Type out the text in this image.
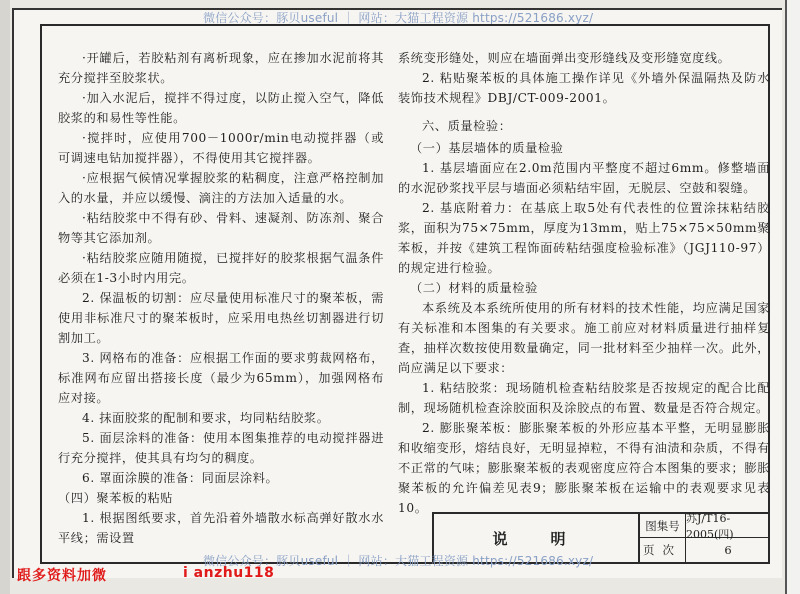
微信公众号：豚贝useful ｜ 网站：大猫工程资源 https://521686.xyz/

·开罐后，若胶粘剂有离析现象，应在掺加水泥前将其充分搅拌至胶浆状。

·加入水泥后，搅拌不得过度，以防止搅入空气，降低胶浆的和易性等性能。

·搅拌时，应使用700－1000r/min电动搅拌器（或可调速电钻加搅拌器），不得使用其它搅拌器。

·应根据气候情况掌握胶浆的粘稠度，注意严格控制加入的水量，并应以缓慢、滴注的方法加入适量的水。

·粘结胶浆中不得有砂、骨料、速凝剂、防冻剂、聚合物等其它添加剂。

·粘结胶浆应随用随搅，已搅拌好的胶浆根据气温条件必须在1-3小时内用完。

2. 保温板的切割：应尽量使用标准尺寸的聚苯板，需使用非标准尺寸的聚苯板时，应采用电热丝切割器进行切割加工。

3. 网格布的准备：应根据工作面的要求剪裁网格布，标准网布应留出搭接长度（最少为65mm），加强网格布应对接。

4. 抹面胶浆的配制和要求，均同粘结胶浆。

5. 面层涂料的准备：使用本图集推荐的电动搅拌器进行充分搅拌，使其具有均匀的稠度。

6. 罩面涂膜的准备：同面层涂料。

（四）聚苯板的粘贴

1. 根据图纸要求，首先沿着外墙散水标高弹好散水水平线；需设置

系统变形缝处，则应在墙面弹出变形缝线及变形缝宽度线。

2. 粘贴聚苯板的具体施工操作详见《外墙外保温隔热及防水装饰技术规程》DBJ/CT-009-2001。

六、质量检验：

（一）基层墙体的质量检验

1. 基层墙面应在2.0m范围内平整度不超过6mm。修整墙面的水泥砂浆找平层与墙面必须粘结牢固，无脱层、空鼓和裂缝。

2. 基底附着力：在基底上取5处有代表性的位置涂抹粘结胶浆，面积为75×75mm，厚度为13mm，贴上75×75×50mm聚苯板，并按《建筑工程饰面砖粘结强度检验标准》（JGJ110-97）的规定进行检验。

（二）材料的质量检验

本系统及本系统所使用的所有材料的技术性能，均应满足国家有关标准和本图集的有关要求。施工前应对材料质量进行抽样复查，抽样次数按使用数量确定，同一批材料至少抽样一次。此外，尚应满足以下要求：

1. 粘结胶浆：现场随机检查粘结胶浆是否按规定的配合比配制，现场随机检查涂胶面积及涂胶点的布置、数量是否符合规定。

2. 膨胀聚苯板：膨胀聚苯板的外形应基本平整，无明显膨胀和收缩变形，熔结良好，无明显掉粒，不得有油渍和杂质，不得有不正常的气味；膨胀聚苯板的表观密度应符合本图集的要求；膨胀聚苯板的允许偏差见表9；膨胀聚苯板在运输中的表观要求见表10。

说　明
图集号
苏J/T16-2005(四)
页次	6
微信公众号：豚贝useful ｜ 网站：大猫工程资源 https://521686.xyz/
跟多资料加微	i anzhu118
